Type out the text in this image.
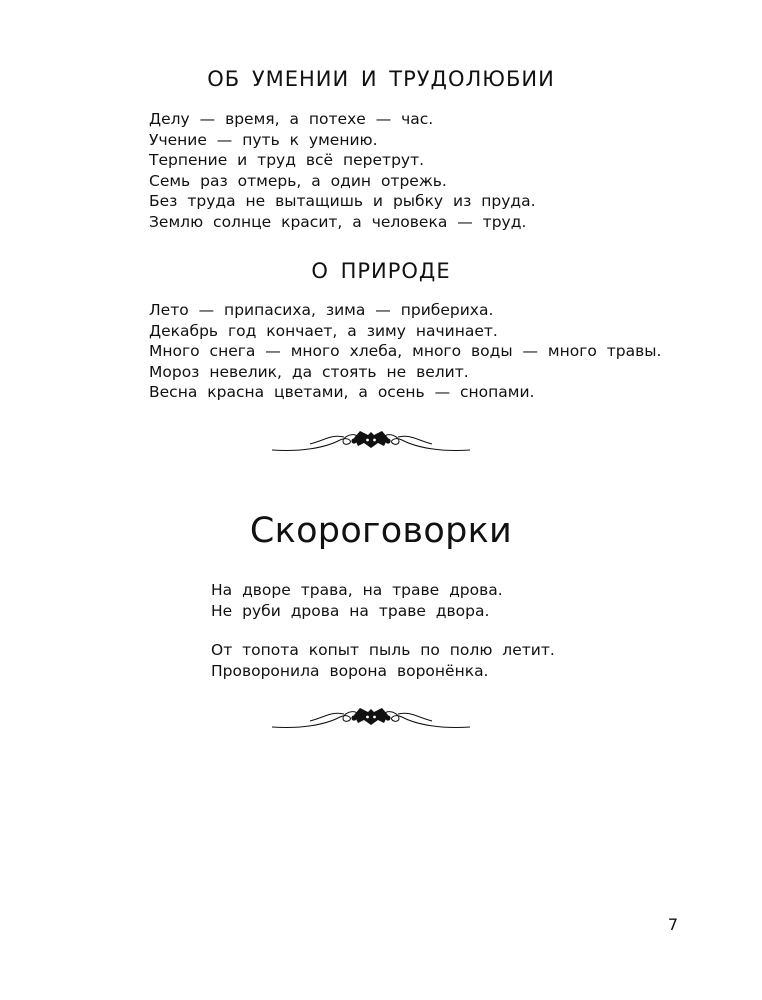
ОБ УМЕНИИ И ТРУДОЛЮБИИ
Делу — время, а потехе — час.
Учение — путь к умению.
Терпение и труд всё перетрут.
Семь раз отмерь, а один отрежь.
Без труда не вытащишь и рыбку из пруда.
Землю солнце красит, а человека — труд.
О ПРИРОДЕ
Лето — припасиха, зима — прибериха.
Декабрь год кончает, а зиму начинает.
Много снега — много хлеба, много воды — много травы.
Мороз невелик, да стоять не велит.
Весна красна цветами, а осень — снопами.
Скороговорки
На дворе трава, на траве дрова.
Не руби дрова на траве двора.
От топота копыт пыль по полю летит.
Проворонила ворона воронёнка.
7
